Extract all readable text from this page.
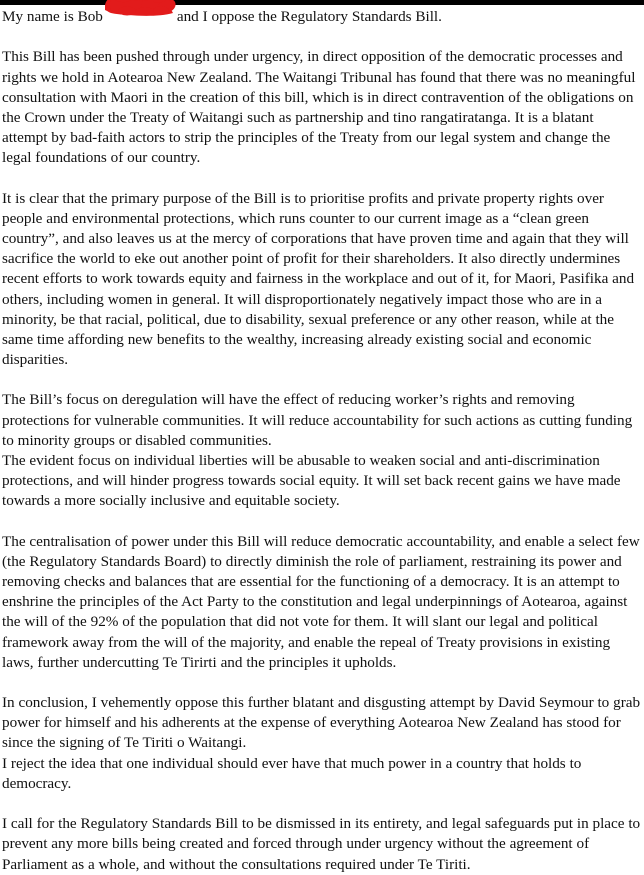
My name is Bob	and I oppose the Regulatory Standards Bill.

This Bill has been pushed through under urgency, in direct opposition of the democratic processes and rights we hold in Aotearoa New Zealand. The Waitangi Tribunal has found that there was no meaningful consultation with Maori in the creation of this bill, which is in direct contravention of the obligations on the Crown under the Treaty of Waitangi such as partnership and tino rangatiratanga. It is a blatant attempt by bad-faith actors to strip the principles of the Treaty from our legal system and change the legal foundations of our country.

It is clear that the primary purpose of the Bill is to prioritise profits and private property rights over people and environmental protections, which runs counter to our current image as a “clean green country”, and also leaves us at the mercy of corporations that have proven time and again that they will sacrifice the world to eke out another point of profit for their shareholders. It also directly undermines recent efforts to work towards equity and fairness in the workplace and out of it, for Maori, Pasifika and others, including women in general. It will disproportionately negatively impact those who are in a minority, be that racial, political, due to disability, sexual preference or any other reason, while at the same time affording new benefits to the wealthy, increasing already existing social and economic disparities.

The Bill’s focus on deregulation will have the effect of reducing worker’s rights and removing protections for vulnerable communities. It will reduce accountability for such actions as cutting funding to minority groups or disabled communities.
The evident focus on individual liberties will be abusable to weaken social and anti-discrimination protections, and will hinder progress towards social equity. It will set back recent gains we have made towards a more socially inclusive and equitable society.

The centralisation of power under this Bill will reduce democratic accountability, and enable a select few (the Regulatory Standards Board) to directly diminish the role of parliament, restraining its power and removing checks and balances that are essential for the functioning of a democracy. It is an attempt to enshrine the principles of the Act Party to the constitution and legal underpinnings of Aotearoa, against the will of the 92% of the population that did not vote for them. It will slant our legal and political framework away from the will of the majority, and enable the repeal of Treaty provisions in existing laws, further undercutting Te Tirirti and the principles it upholds.

In conclusion, I vehemently oppose this further blatant and disgusting attempt by David Seymour to grab power for himself and his adherents at the expense of everything Aotearoa New Zealand has stood for since the signing of Te Tiriti o Waitangi.
I reject the idea that one individual should ever have that much power in a country that holds to democracy.

I call for the Regulatory Standards Bill to be dismissed in its entirety, and legal safeguards put in place to prevent any more bills being created and forced through under urgency without the agreement of Parliament as a whole, and without the consultations required under Te Tiriti.
